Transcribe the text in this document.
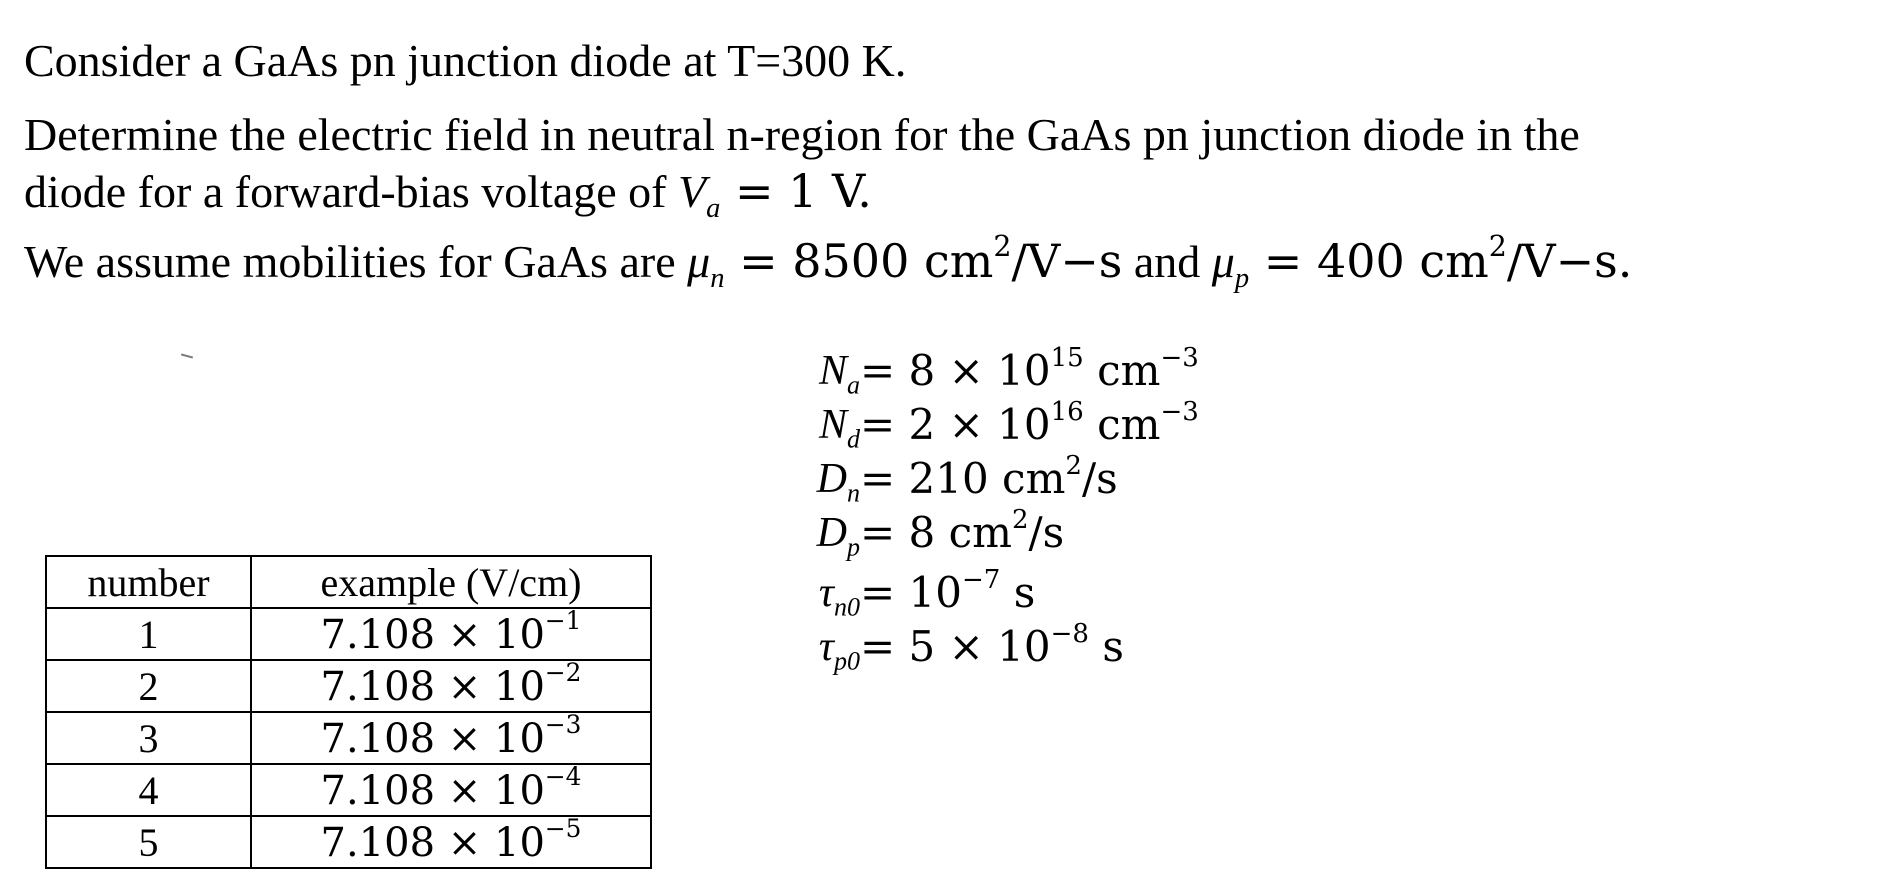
Consider a GaAs pn junction diode at T=300 K.
Determine the electric field in neutral n-region for the GaAs pn junction diode in the
diode for a forward-bias voltage of $V_a = 1$ V.
We assume mobilities for GaAs are $\mu_n = 8500$ $cm^2/V-s$ and $\mu_p = 400$ $cm^2/V-s$.
$N_a = 8 \times 10^{15}$ $cm^{-3}$
$N_d = 2 \times 10^{16}$ $cm^{-3}$
$D_n = 210$ $cm^2/s$
$D_p = 8$ $cm^2/s$
$\tau_{n0} = 10^{-7}$ s
$\tau_{p0} = 5 \times 10^{-8}$ s
number	example (V/cm)
1	$7.108 \times 10^{-1}$
2	$7.108 \times 10^{-2}$
3	$7.108 \times 10^{-3}$
4	$7.108 \times 10^{-4}$
5	$7.108 \times 10^{-5}$
